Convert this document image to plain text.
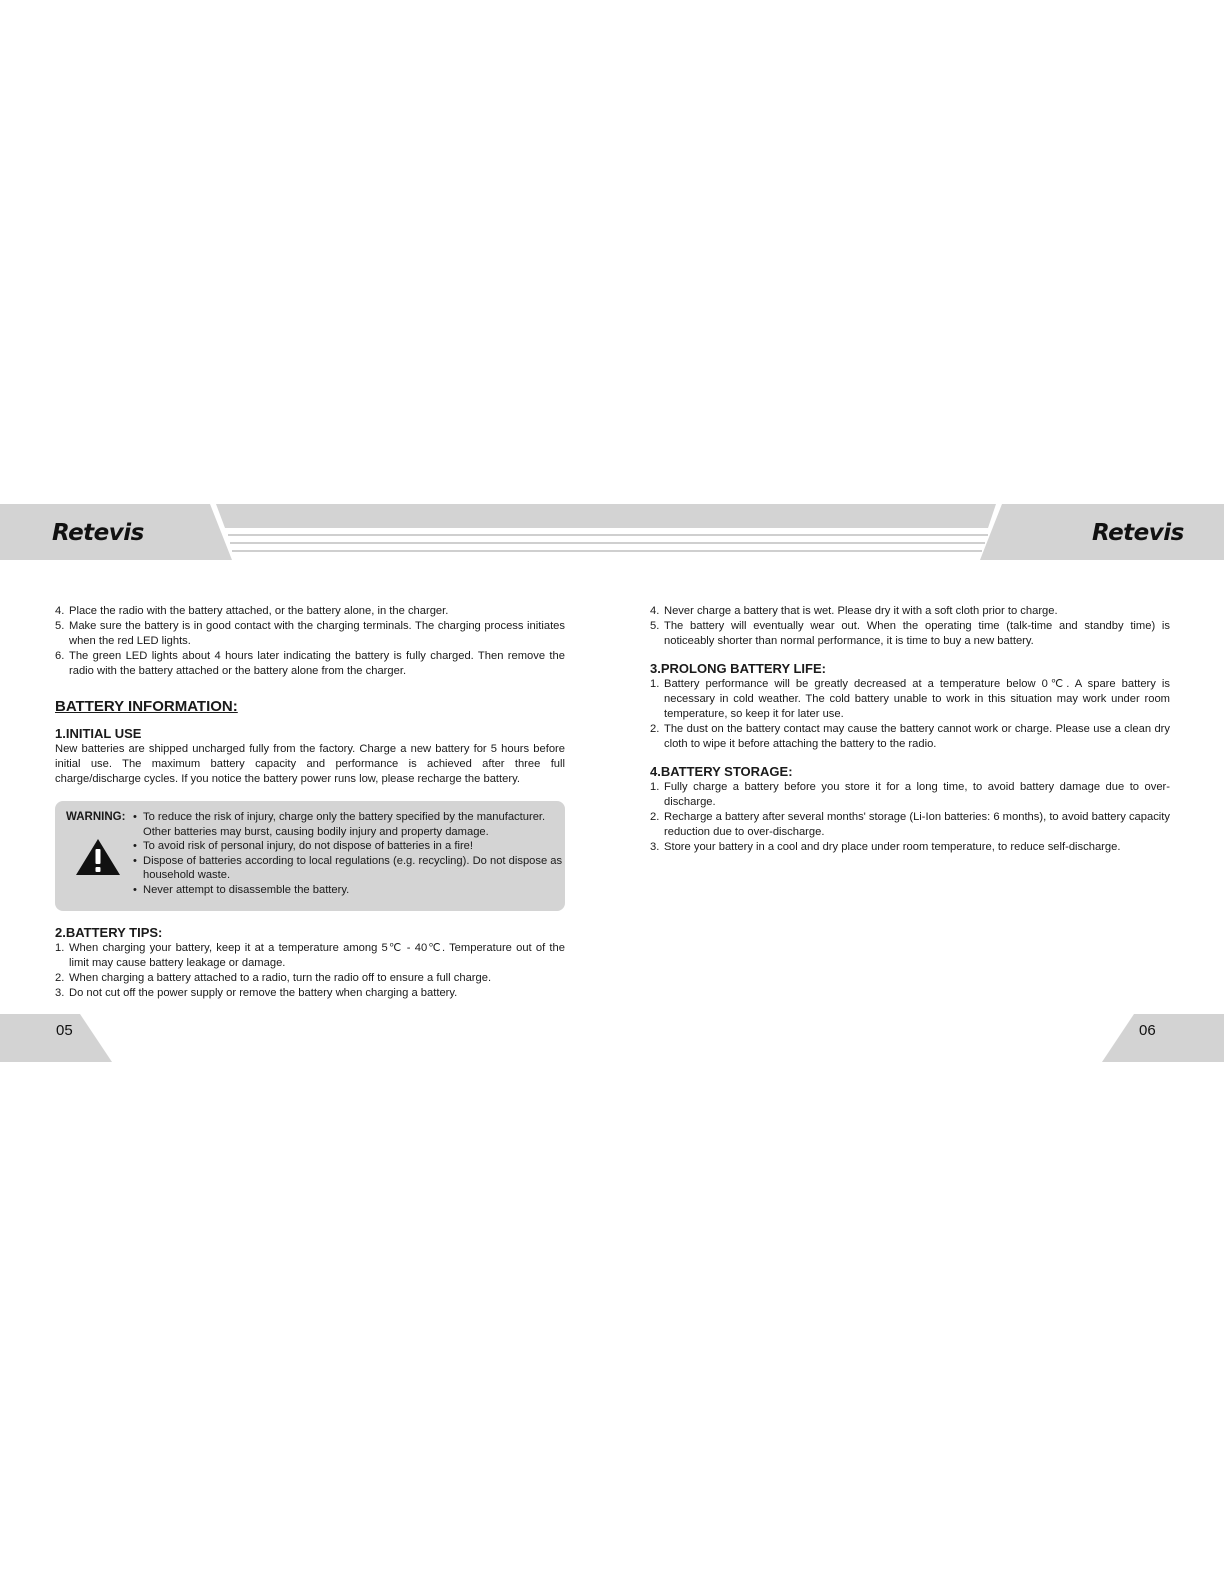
Retevis	Retevis
4. Place the radio with the battery attached, or the battery alone, in the charger.
5. Make sure the battery is in good contact with the charging terminals. The charging process initiates when the red LED lights.
6. The green LED lights about 4 hours later indicating the battery is fully charged. Then remove the radio with the battery attached or the battery alone from the charger.
BATTERY INFORMATION:
1.INITIAL USE

New batteries are shipped uncharged fully from the factory. Charge a new battery for 5 hours before initial use. The maximum battery capacity and performance is achieved after three full charge/discharge cycles. If you notice the battery power runs low, please recharge the battery.

WARNING:
•	To reduce the risk of injury, charge only the battery specified by the manufacturer. Other batteries may burst, causing bodily injury and property damage.
• To avoid risk of personal injury, do not dispose of batteries in a fire!
• Dispose of batteries according to local regulations (e.g. recycling). Do not dispose as household waste.
• Never attempt to disassemble the battery.
2.BATTERY TIPS:
1. When charging your battery, keep it at a temperature among 5℃ - 40℃. Temperature out of the limit may cause battery leakage or damage.
2. When charging a battery attached to a radio, turn the radio off to ensure a full charge.
3. Do not cut off the power supply or remove the battery when charging a battery.
4. Never charge a battery that is wet. Please dry it with a soft cloth prior to charge.
5. The battery will eventually wear out. When the operating time (talk-time and standby time) is noticeably shorter than normal performance, it is time to buy a new battery.
3.PROLONG BATTERY LIFE:
1. Battery performance will be greatly decreased at a temperature below 0℃. A spare battery is necessary in cold weather. The cold battery unable to work in this situation may work under room temperature, so keep it for later use.
2. The dust on the battery contact may cause the battery cannot work or charge. Please use a clean dry cloth to wipe it before attaching the battery to the radio.
4.BATTERY STORAGE:
1. Fully charge a battery before you store it for a long time, to avoid battery damage due to over-discharge.
2. Recharge a battery after several months' storage (Li-Ion batteries: 6 months), to avoid battery capacity reduction due to over-discharge.
3. Store your battery in a cool and dry place under room temperature, to reduce self-discharge.
05	06
